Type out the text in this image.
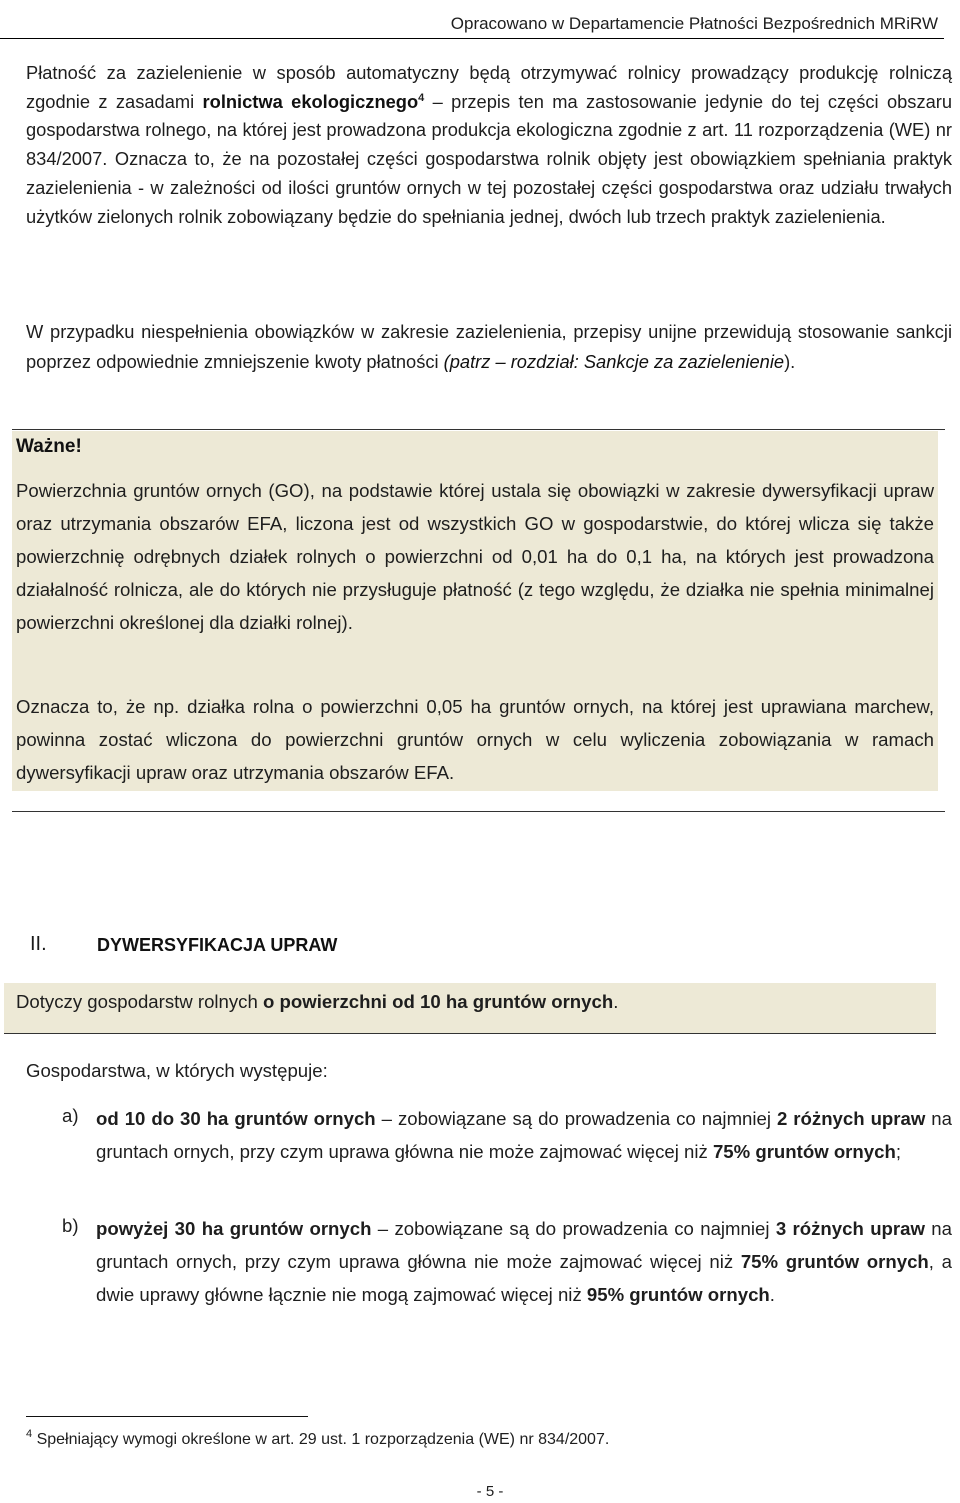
Opracowano w Departamencie Płatności Bezpośrednich MRiRW
Płatność za zazielenienie w sposób automatyczny będą otrzymywać rolnicy prowadzący produkcję rolniczą zgodnie z zasadami rolnictwa ekologicznego$^4$ – przepis ten ma zastosowanie jedynie do tej części obszaru gospodarstwa rolnego, na której jest prowadzona produkcja ekologiczna zgodnie z art. 11 rozporządzenia (WE) nr 834/2007. Oznacza to, że na pozostałej części gospodarstwa rolnik objęty jest obowiązkiem spełniania praktyk zazielenienia - w zależności od ilości gruntów ornych w tej pozostałej części gospodarstwa oraz udziału trwałych użytków zielonych rolnik zobowiązany będzie do spełniania jednej, dwóch lub trzech praktyk zazielenienia.
W przypadku niespełnienia obowiązków w zakresie zazielenienia, przepisy unijne przewidują stosowanie sankcji poprzez odpowiednie zmniejszenie kwoty płatności (patrz – rozdział: Sankcje za zazielenienie).
Ważne!
Powierzchnia gruntów ornych (GO), na podstawie której ustala się obowiązki w zakresie dywersyfikacji upraw oraz utrzymania obszarów EFA, liczona jest od wszystkich GO w gospodarstwie, do której wlicza się także powierzchnię odrębnych działek rolnych o powierzchni od 0,01 ha do 0,1 ha, na których jest prowadzona działalność rolnicza, ale do których nie przysługuje płatność (z tego względu, że działka nie spełnia minimalnej powierzchni określonej dla działki rolnej).
Oznacza to, że np. działka rolna o powierzchni 0,05 ha gruntów ornych, na której jest uprawiana marchew, powinna zostać wliczona do powierzchni gruntów ornych w celu wyliczenia zobowiązania w ramach dywersyfikacji upraw oraz utrzymania obszarów EFA.
II.	DYWERSYFIKACJA UPRAW
Dotyczy gospodarstw rolnych o powierzchni od 10 ha gruntów ornych.
Gospodarstwa, w których występuje:
a) od 10 do 30 ha gruntów ornych – zobowiązane są do prowadzenia co najmniej 2 różnych upraw na gruntach ornych, przy czym uprawa główna nie może zajmować więcej niż 75% gruntów ornych;
b) powyżej 30 ha gruntów ornych – zobowiązane są do prowadzenia co najmniej 3 różnych upraw na gruntach ornych, przy czym uprawa główna nie może zajmować więcej niż 75% gruntów ornych, a dwie uprawy główne łącznie nie mogą zajmować więcej niż 95% gruntów ornych.
$^4$ Spełniający wymogi określone w art. 29 ust. 1 rozporządzenia (WE) nr 834/2007.
- 5 -
